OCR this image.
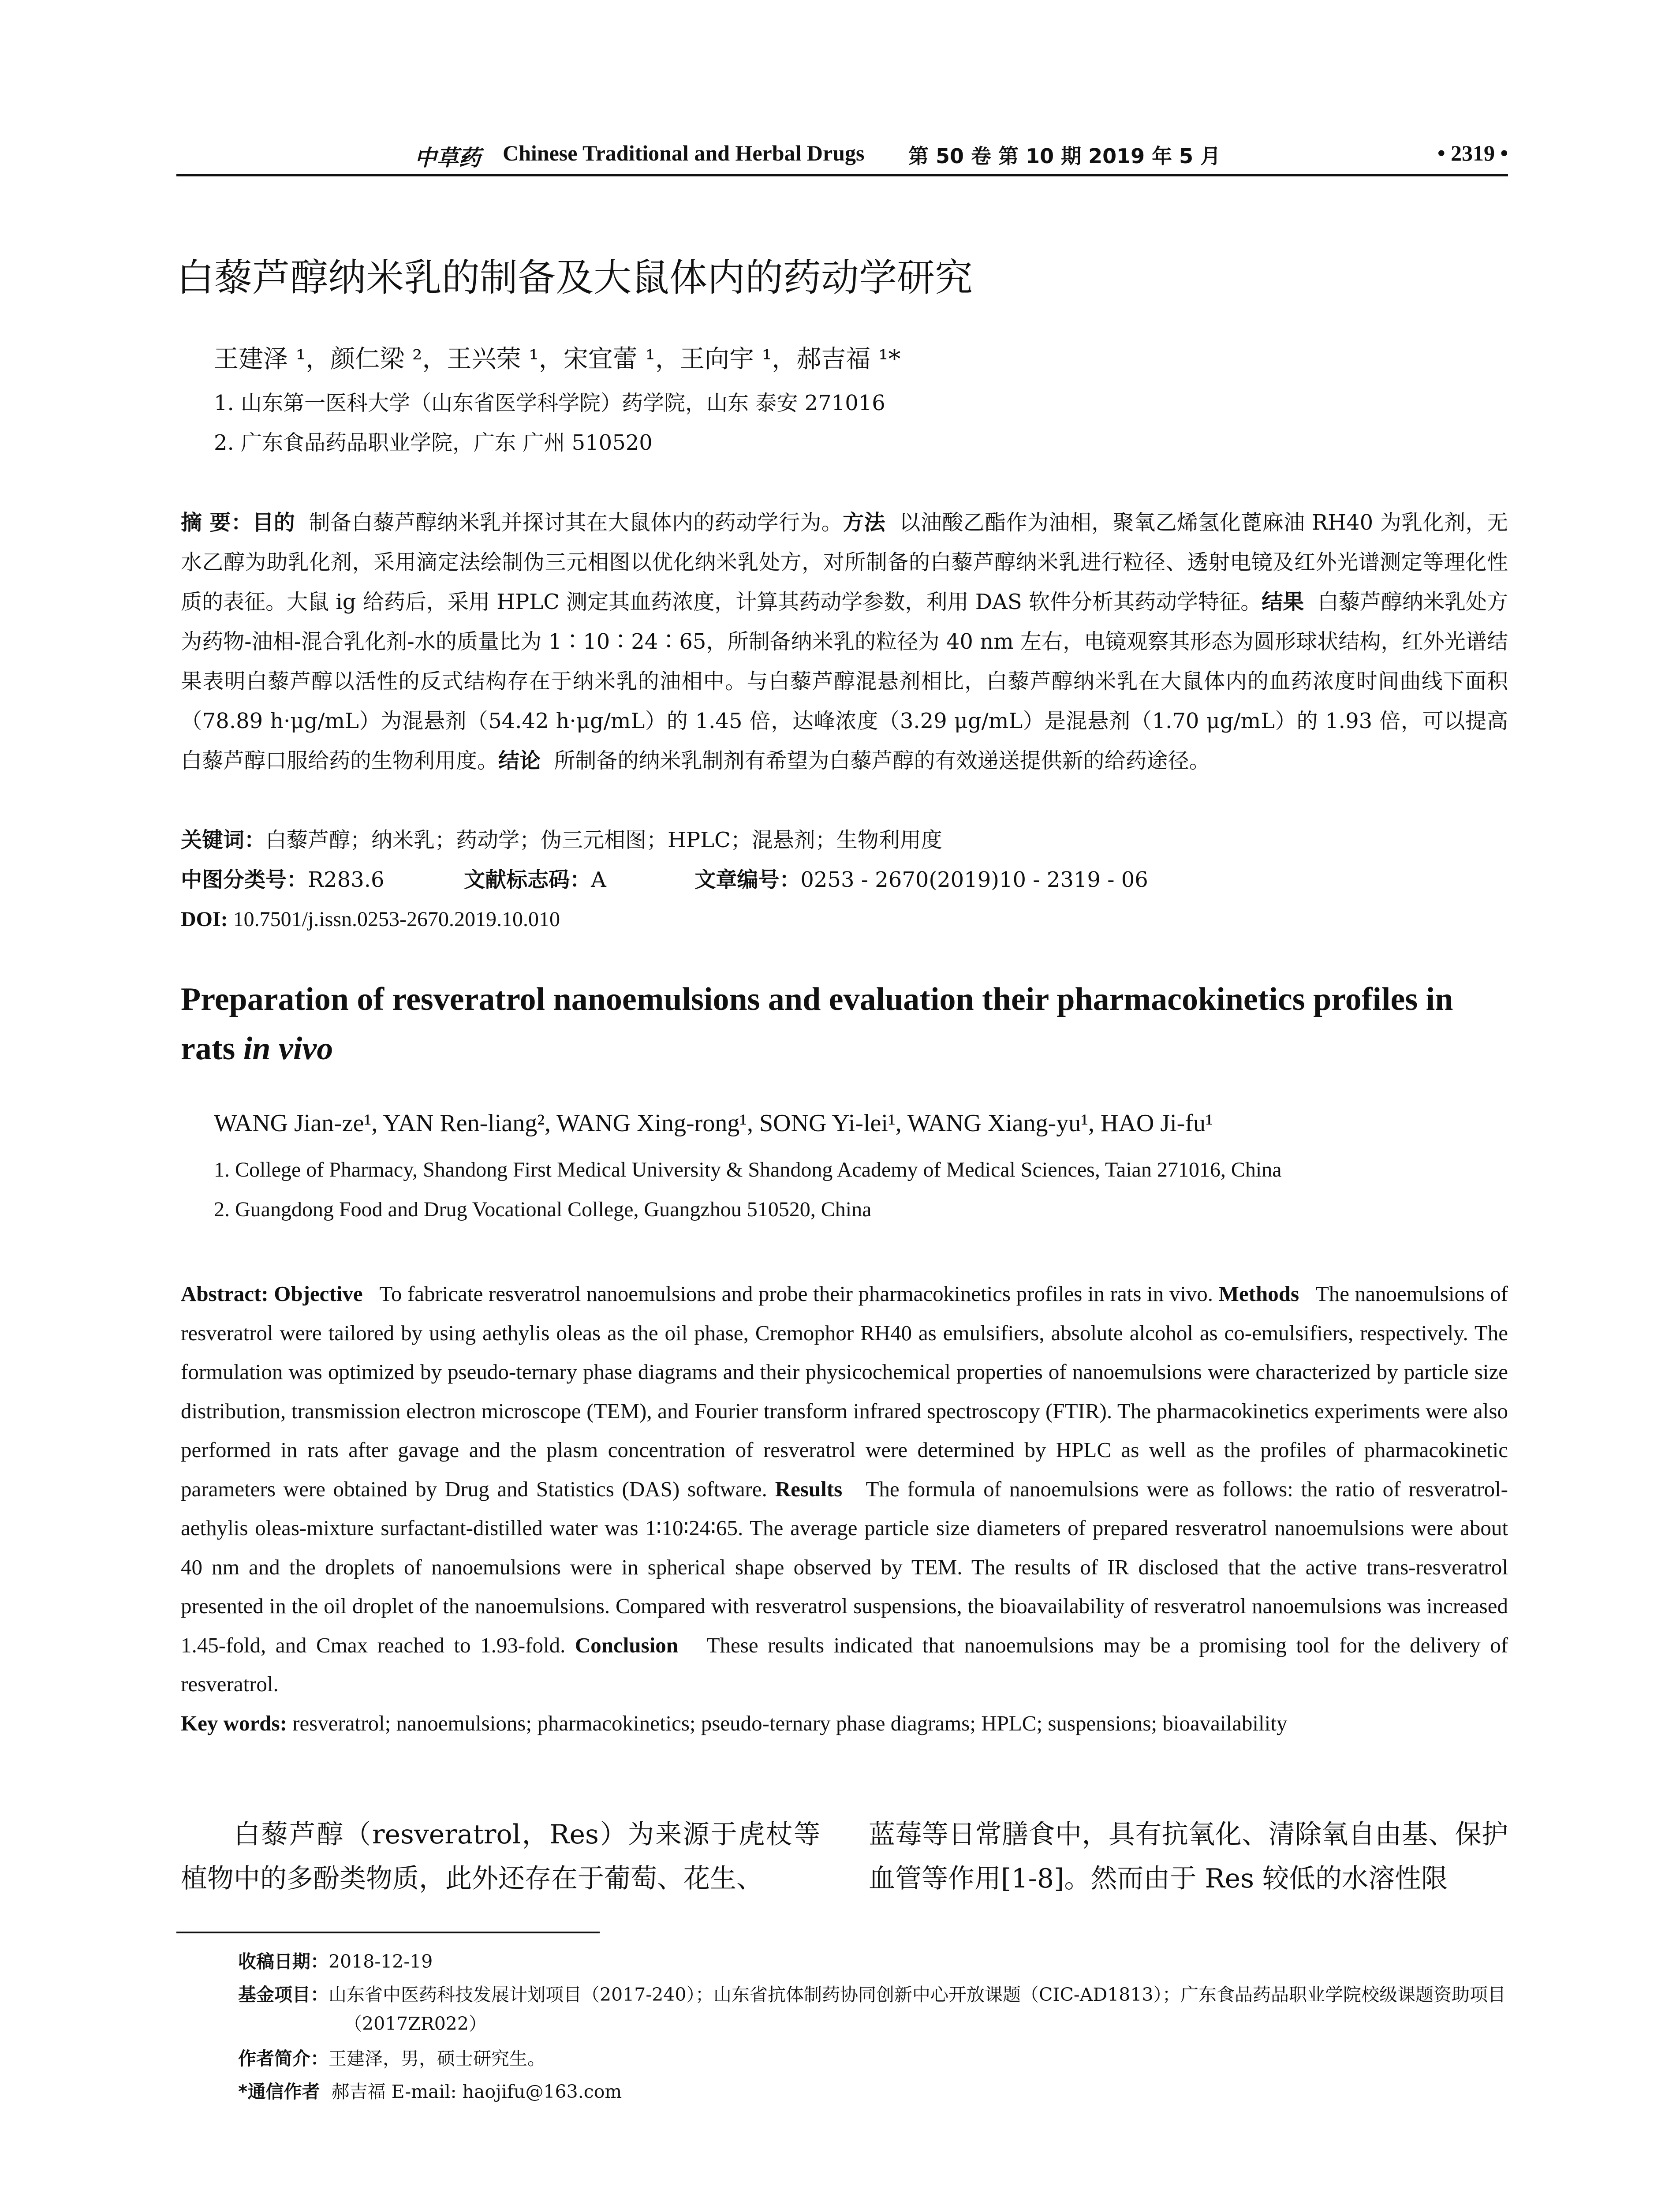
中草药 Chinese Traditional and Herbal Drugs 第 50 卷 第 10 期 2019 年 5 月	• 2319 •
白藜芦醇纳米乳的制备及大鼠体内的药动学研究
王建泽 ¹，颜仁梁 ²，王兴荣 ¹，宋宜蕾 ¹，王向宇 ¹，郝吉福 ¹*
1. 山东第一医科大学（山东省医学科学院）药学院，山东 泰安 271016
2. 广东食品药品职业学院，广东 广州 510520
摘 要：目的 制备白藜芦醇纳米乳并探讨其在大鼠体内的药动学行为。方法 以油酸乙酯作为油相，聚氧乙烯氢化蓖麻油 RH40 为乳化剂，无水乙醇为助乳化剂，采用滴定法绘制伪三元相图以优化纳米乳处方，对所制备的白藜芦醇纳米乳进行粒径、透射电镜及红外光谱测定等理化性质的表征。大鼠 ig 给药后，采用 HPLC 测定其血药浓度，计算其药动学参数，利用 DAS 软件分析其药动学特征。结果 白藜芦醇纳米乳处方为药物-油相-混合乳化剂-水的质量比为 1∶10∶24∶65，所制备纳米乳的粒径为 40 nm 左右，电镜观察其形态为圆形球状结构，红外光谱结果表明白藜芦醇以活性的反式结构存在于纳米乳的油相中。与白藜芦醇混悬剂相比，白藜芦醇纳米乳在大鼠体内的血药浓度时间曲线下面积（78.89 h·μg/mL）为混悬剂（54.42 h·μg/mL）的 1.45 倍，达峰浓度（3.29 μg/mL）是混悬剂（1.70 μg/mL）的 1.93 倍，可以提高白藜芦醇口服给药的生物利用度。结论 所制备的纳米乳制剂有希望为白藜芦醇的有效递送提供新的给药途径。
关键词：白藜芦醇；纳米乳；药动学；伪三元相图；HPLC；混悬剂；生物利用度
中图分类号：R283.6	文献标志码：A	文章编号：0253 - 2670(2019)10 - 2319 - 06
DOI: 10.7501/j.issn.0253-2670.2019.10.010
Preparation of resveratrol nanoemulsions and evaluation their pharmacokinetics profiles in rats in vivo
WANG Jian-ze¹, YAN Ren-liang², WANG Xing-rong¹, SONG Yi-lei¹, WANG Xiang-yu¹, HAO Ji-fu¹
1. College of Pharmacy, Shandong First Medical University & Shandong Academy of Medical Sciences, Taian 271016, China
2. Guangdong Food and Drug Vocational College, Guangzhou 510520, China
Abstract: Objective To fabricate resveratrol nanoemulsions and probe their pharmacokinetics profiles in rats in vivo. Methods The nanoemulsions of resveratrol were tailored by using aethylis oleas as the oil phase, Cremophor RH40 as emulsifiers, absolute alcohol as co-emulsifiers, respectively. The formulation was optimized by pseudo-ternary phase diagrams and their physicochemical properties of nanoemulsions were characterized by particle size distribution, transmission electron microscope (TEM), and Fourier transform infrared spectroscopy (FTIR). The pharmacokinetics experiments were also performed in rats after gavage and the plasm concentration of resveratrol were determined by HPLC as well as the profiles of pharmacokinetic parameters were obtained by Drug and Statistics (DAS) software. Results The formula of nanoemulsions were as follows: the ratio of resveratrol-aethylis oleas-mixture surfactant-distilled water was 1∶10∶24∶65. The average particle size diameters of prepared resveratrol nanoemulsions were about 40 nm and the droplets of nanoemulsions were in spherical shape observed by TEM. The results of IR disclosed that the active trans-resveratrol presented in the oil droplet of the nanoemulsions. Compared with resveratrol suspensions, the bioavailability of resveratrol nanoemulsions was increased 1.45-fold, and Cmax reached to 1.93-fold. Conclusion These results indicated that nanoemulsions may be a promising tool for the delivery of resveratrol.
Key words: resveratrol; nanoemulsions; pharmacokinetics; pseudo-ternary phase diagrams; HPLC; suspensions; bioavailability
白藜芦醇（resveratrol，Res）为来源于虎杖等植物中的多酚类物质，此外还存在于葡萄、花生、
蓝莓等日常膳食中，具有抗氧化、清除氧自由基、保护血管等作用[1-8]。然而由于 Res 较低的水溶性限
收稿日期：2018-12-19
基金项目：山东省中医药科技发展计划项目（2017-240）；山东省抗体制药协同创新中心开放课题（CIC-AD1813）；广东食品药品职业学院校级课题资助项目（2017ZR022）
作者简介：王建泽，男，硕士研究生。
*通信作者 郝吉福 E-mail: haojifu@163.com
